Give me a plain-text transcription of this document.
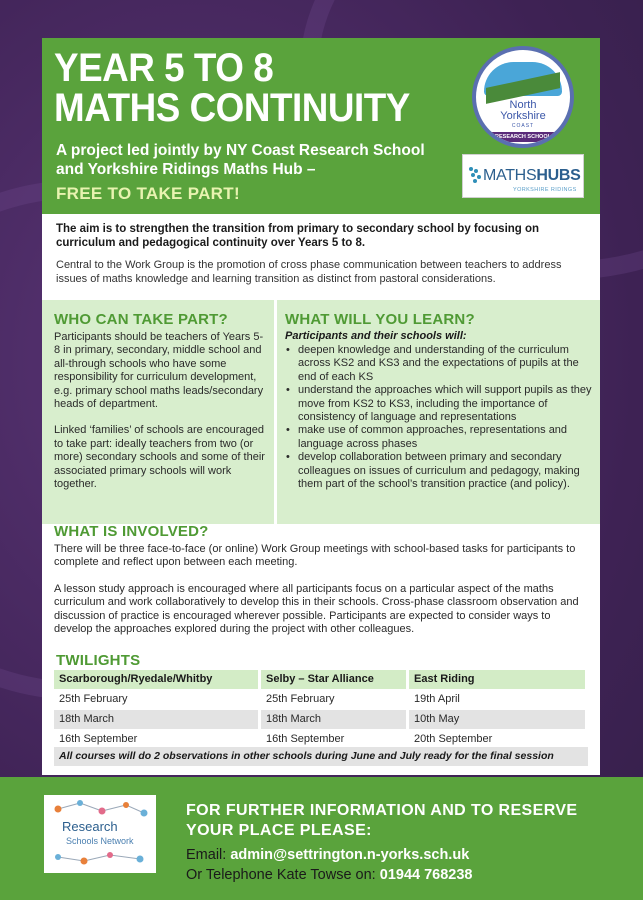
YEAR 5 TO 8
MATHS CONTINUITY
A project led jointly by NY Coast Research School and Yorkshire Ridings Maths Hub –
FREE TO TAKE PART!
North
Yorkshire
COAST
RESEARCH SCHOOL
MATHSHUBS
YORKSHIRE RIDINGS
The aim is to strengthen the transition from primary to secondary school by focusing on curriculum and pedagogical continuity over Years 5 to 8.
Central to the Work Group is the promotion of cross phase communication between teachers to address issues of maths knowledge and learning transition as distinct from pastoral considerations.
WHO CAN TAKE PART?
Participants should be teachers of Years 5-8 in primary, secondary, middle school and all-through schools who have some responsibility for curriculum development, e.g. primary school maths leads/secondary heads of department.
Linked ‘families’ of schools are encouraged to take part: ideally teachers from two (or more) secondary schools and some of their associated primary schools will work together.
WHAT WILL YOU LEARN?
Participants and their schools will:
• deepen knowledge and understanding of the curriculum across KS2 and KS3 and the expectations of pupils at the end of each KS
• understand the approaches which will support pupils as they move from KS2 to KS3, including the importance of consistency of language and representations
• make use of common approaches, representations and language across phases
• develop collaboration between primary and secondary colleagues on issues of curriculum and pedagogy, making them part of the school’s transition practice (and policy).
WHAT IS INVOLVED?
There will be three face-to-face (or online) Work Group meetings with school-based tasks for participants to complete and reflect upon between each meeting.
A lesson study approach is encouraged where all participants focus on a particular aspect of the maths curriculum and work collaboratively to develop this in their schools. Cross-phase classroom observation and discussion of practice is encouraged wherever possible. Participants are expected to consider ways to develop the approaches explored during the project with other colleagues.
TWILIGHTS
Scarborough/Ryedale/Whitby	Selby – Star Alliance	East Riding
25th February	25th February	19th April
18th March	18th March	10th May
16th September	16th September	20th September
All courses will do 2 observations in other schools during June and July ready for the final session
Research
Schools Network
FOR FURTHER INFORMATION AND TO RESERVE YOUR PLACE PLEASE:
Email: admin@settrington.n-yorks.sch.uk
Or Telephone Kate Towse on: 01944 768238
